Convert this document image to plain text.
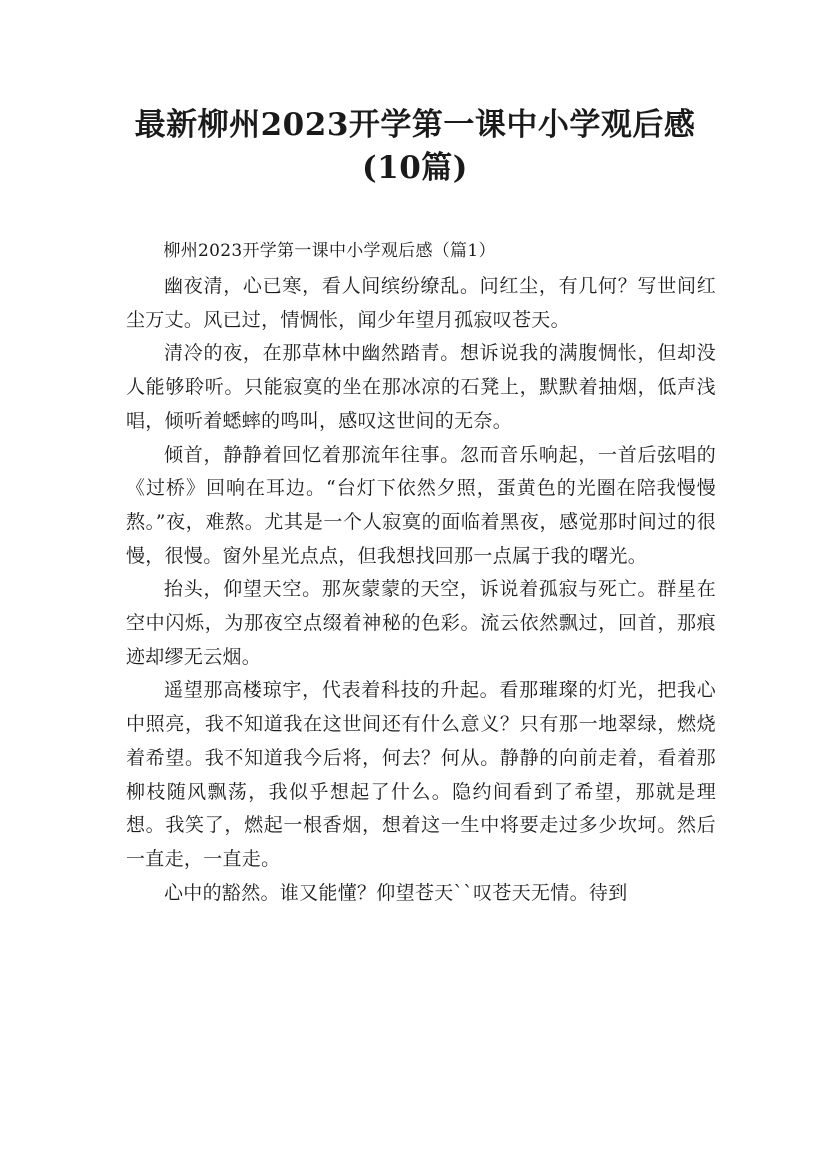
最新柳州2023开学第一课中小学观后感(10篇)

柳州2023开学第一课中小学观后感（篇1）

幽夜清，心已寒，看人间缤纷缭乱。问红尘，有几何？写世间红尘万丈。风已过，情惆怅，闻少年望月孤寂叹苍天。

清冷的夜，在那草林中幽然踏青。想诉说我的满腹惆怅，但却没人能够聆听。只能寂寞的坐在那冰凉的石凳上，默默着抽烟，低声浅唱，倾听着蟋蟀的鸣叫，感叹这世间的无奈。

倾首，静静着回忆着那流年往事。忽而音乐响起，一首后弦唱的《过桥》回响在耳边。“台灯下依然夕照，蛋黄色的光圈在陪我慢慢熬。”夜，难熬。尤其是一个人寂寞的面临着黑夜，感觉那时间过的很慢，很慢。窗外星光点点，但我想找回那一点属于我的曙光。

抬头，仰望天空。那灰蒙蒙的天空，诉说着孤寂与死亡。群星在空中闪烁，为那夜空点缀着神秘的色彩。流云依然飘过，回首，那痕迹却缪无云烟。

遥望那高楼琼宇，代表着科技的升起。看那璀璨的灯光，把我心中照亮，我不知道我在这世间还有什么意义？只有那一地翠绿，燃烧着希望。我不知道我今后将，何去？何从。静静的向前走着，看着那柳枝随风飘荡，我似乎想起了什么。隐约间看到了希望，那就是理想。我笑了，燃起一根香烟，想着这一生中将要走过多少坎坷。然后一直走，一直走。

心中的豁然。谁又能懂？仰望苍天``叹苍天无情。待到
